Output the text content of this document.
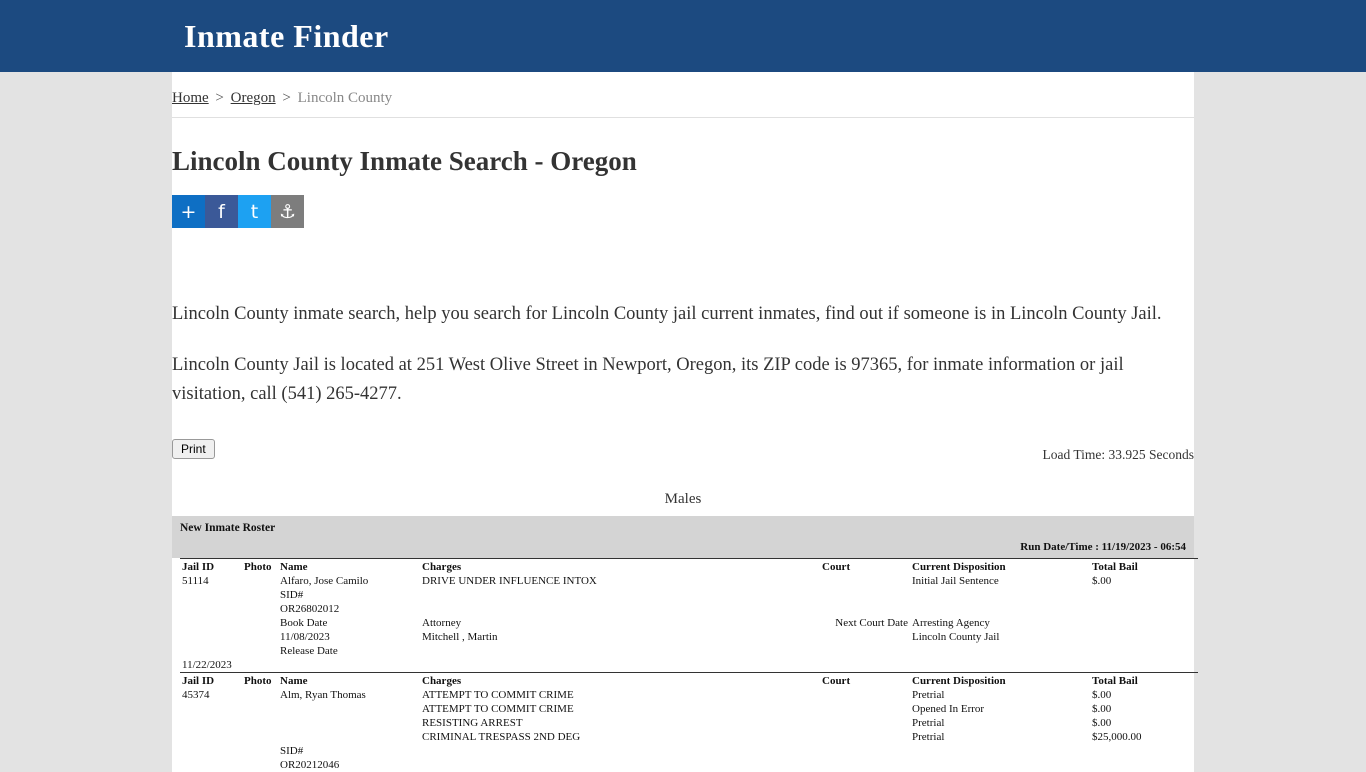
Inmate Finder
Home > Oregon > Lincoln County
Lincoln County Inmate Search - Oregon
+	f	t	⚓

Lincoln County inmate search, help you search for Lincoln County jail current inmates, find out if someone is in Lincoln County Jail.

Lincoln County Jail is located at 251 West Olive Street in Newport, Oregon, its ZIP code is 97365, for inmate information or jail visitation, call (541) 265-4277.

Print	Load Time: 33.925 Seconds
Males
New Inmate Roster
Run Date/Time : 11/19/2023 - 06:54
Jail ID	Photo	Name	Charges	Court	Current Disposition	Total Bail
51114		Alfaro, Jose Camilo	DRIVE UNDER INFLUENCE INTOX		Initial Jail Sentence	$.00
		SID#				
		OR26802012				
		Book Date	Attorney	Next Court Date	Arresting Agency	
		11/08/2023	Mitchell , Martin		Lincoln County Jail	
		Release Date				
11/22/2023						
Jail ID	Photo	Name	Charges	Court	Current Disposition	Total Bail
45374		Alm, Ryan Thomas	ATTEMPT TO COMMIT CRIME		Pretrial	$.00
			ATTEMPT TO COMMIT CRIME		Opened In Error	$.00
			RESISTING ARREST		Pretrial	$.00
			CRIMINAL TRESPASS 2ND DEG		Pretrial	$25,000.00
		SID#				
		OR20212046				
